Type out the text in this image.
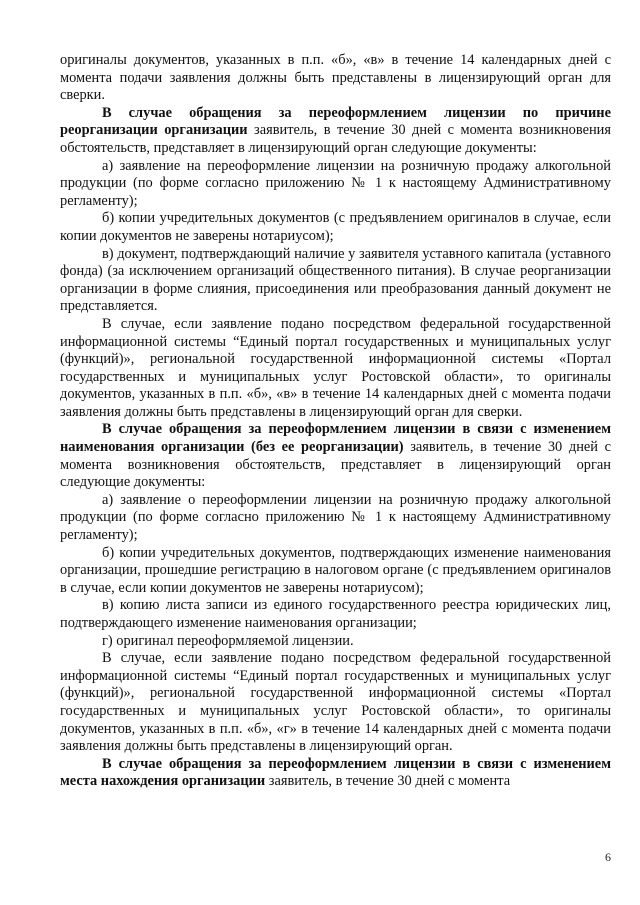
оригиналы документов, указанных в п.п. «б», «в» в течение 14 календарных дней с момента подачи заявления должны быть представлены в лицензирующий орган для сверки.

В случае обращения за переоформлением лицензии по причине реорганизации организации заявитель, в течение 30 дней с момента возникновения обстоятельств, представляет в лицензирующий орган следующие документы:

а) заявление на переоформление лицензии на розничную продажу алкогольной продукции (по форме согласно приложению № 1 к настоящему Административному регламенту);

б) копии учредительных документов (с предъявлением оригиналов в случае, если копии документов не заверены нотариусом);

в) документ, подтверждающий наличие у заявителя уставного капитала (уставного фонда) (за исключением организаций общественного питания). В случае реорганизации организации в форме слияния, присоединения или преобразования данный документ не представляется.

В случае, если заявление подано посредством федеральной государственной информационной системы “Единый портал государственных и муниципальных услуг (функций)», региональной государственной информационной системы «Портал государственных и муниципальных услуг Ростовской области», то оригиналы документов, указанных в п.п. «б», «в» в течение 14 календарных дней с момента подачи заявления должны быть представлены в лицензирующий орган для сверки.

В случае обращения за переоформлением лицензии в связи с изменением наименования организации (без ее реорганизации) заявитель, в течение 30 дней с момента возникновения обстоятельств, представляет в лицензирующий орган следующие документы:

а) заявление о переоформлении лицензии на розничную продажу алкогольной продукции (по форме согласно приложению № 1 к настоящему Административному регламенту);

б) копии учредительных документов, подтверждающих изменение наименования организации, прошедшие регистрацию в налоговом органе (с предъявлением оригиналов в случае, если копии документов не заверены нотариусом);

в) копию листа записи из единого государственного реестра юридических лиц, подтверждающего изменение наименования организации;

г) оригинал переоформляемой лицензии.

В случае, если заявление подано посредством федеральной государственной информационной системы “Единый портал государственных и муниципальных услуг (функций)», региональной государственной информационной системы «Портал государственных и муниципальных услуг Ростовской области», то оригиналы документов, указанных в п.п. «б», «г» в течение 14 календарных дней с момента подачи заявления должны быть представлены в лицензирующий орган.

В случае обращения за переоформлением лицензии в связи с изменением места нахождения организации заявитель, в течение 30 дней с момента

6
